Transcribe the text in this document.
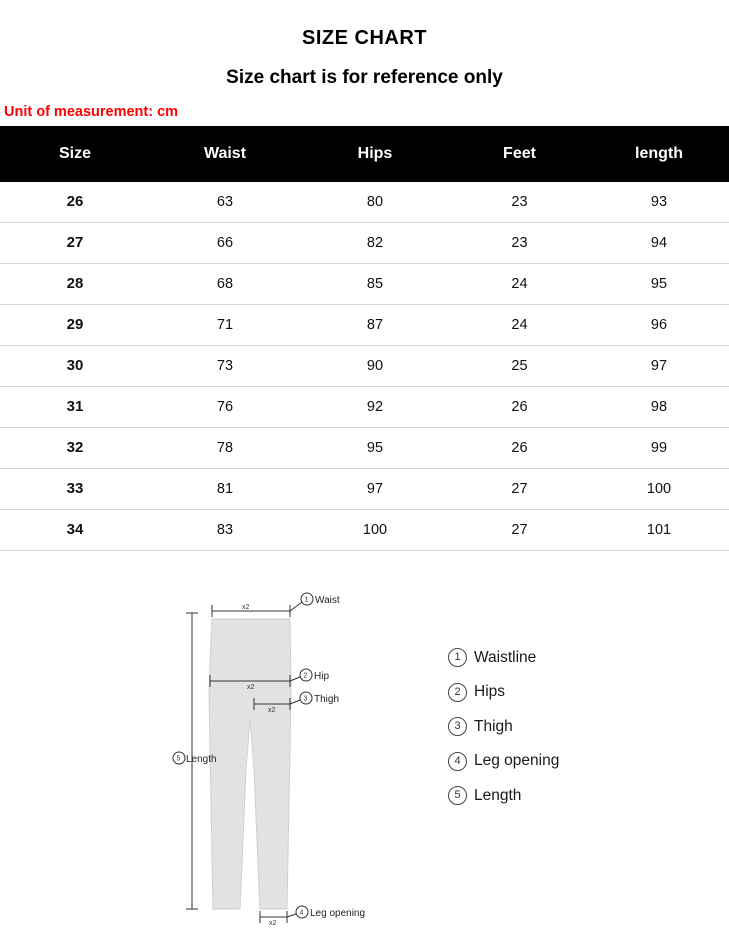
SIZE CHART
Size chart is for reference only
Unit of measurement: cm
Size	Waist	Hips	Feet	length
26	63	80	23	93
27	66	82	23	94
28	68	85	24	95
29	71	87	24	96
30	73	90	25	97
31	76	92	26	98
32	78	95	26	99
33	81	97	27	100
34	83	100	27	101
x2
1 Waist
x2
2 Hip
x2
3 Thigh
5 Length
x2
4 Leg opening
1 Waistline
2 Hips
3 Thigh
4 Leg opening
5 Length
